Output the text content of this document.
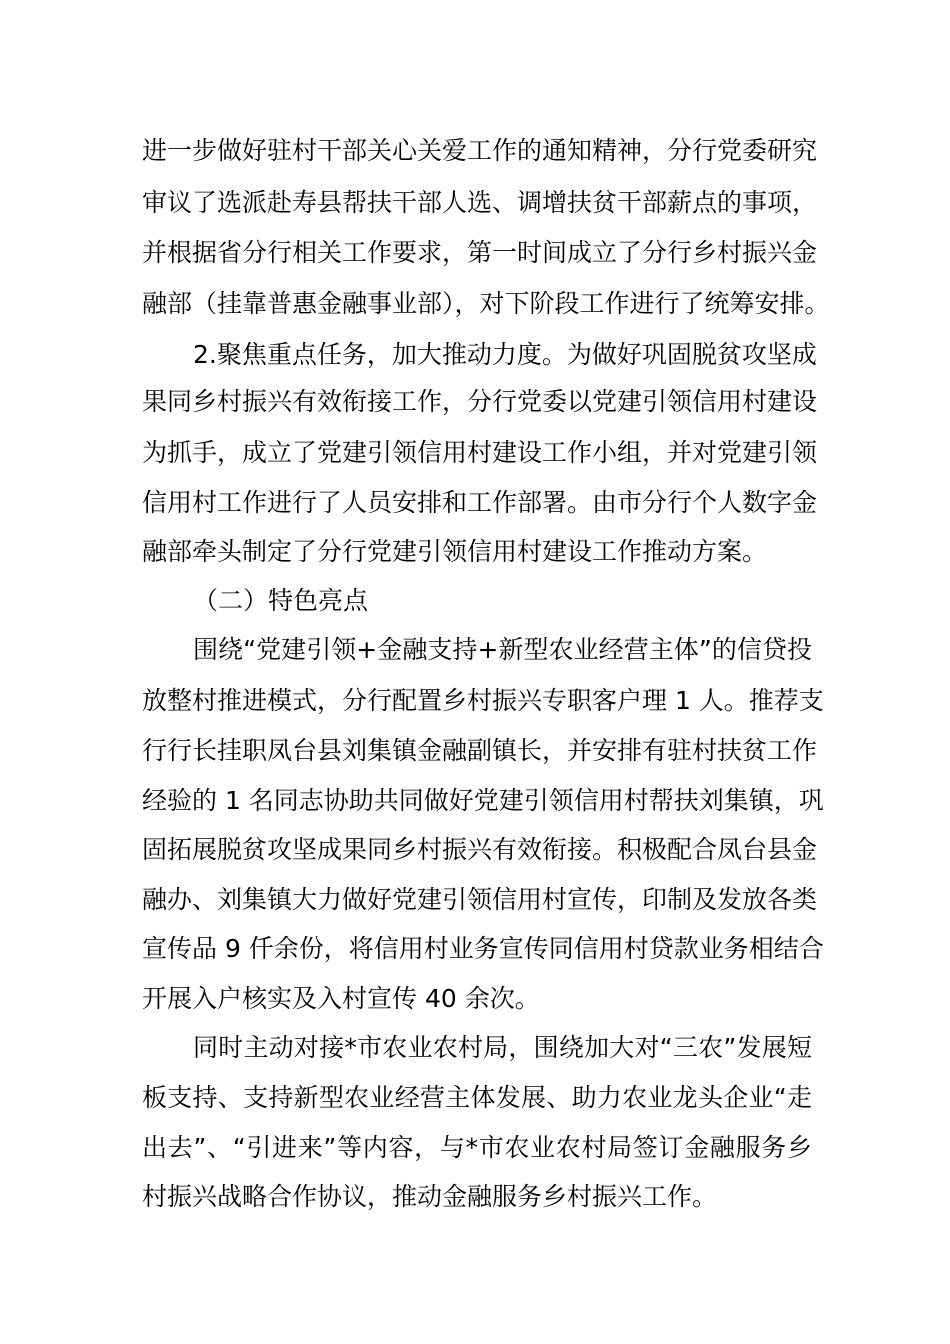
进一步做好驻村干部关心关爱工作的通知精神，分行党委研究
审议了选派赴寿县帮扶干部人选、调增扶贫干部薪点的事项，
并根据省分行相关工作要求，第一时间成立了分行乡村振兴金
融部（挂靠普惠金融事业部），对下阶段工作进行了统筹安排。
2.聚焦重点任务，加大推动力度。为做好巩固脱贫攻坚成
果同乡村振兴有效衔接工作，分行党委以党建引领信用村建设
为抓手，成立了党建引领信用村建设工作小组，并对党建引领
信用村工作进行了人员安排和工作部署。由市分行个人数字金
融部牵头制定了分行党建引领信用村建设工作推动方案。
（二）特色亮点
围绕“党建引领+金融支持+新型农业经营主体”的信贷投
放整村推进模式，分行配置乡村振兴专职客户理 1 人。推荐支
行行长挂职凤台县刘集镇金融副镇长，并安排有驻村扶贫工作
经验的 1 名同志协助共同做好党建引领信用村帮扶刘集镇，巩
固拓展脱贫攻坚成果同乡村振兴有效衔接。积极配合凤台县金
融办、刘集镇大力做好党建引领信用村宣传，印制及发放各类
宣传品 9 仟余份，将信用村业务宣传同信用村贷款业务相结合
开展入户核实及入村宣传 40 余次。
同时主动对接*市农业农村局，围绕加大对“三农”发展短
板支持、支持新型农业经营主体发展、助力农业龙头企业“走
出去”、“引进来”等内容，与*市农业农村局签订金融服务乡
村振兴战略合作协议，推动金融服务乡村振兴工作。
